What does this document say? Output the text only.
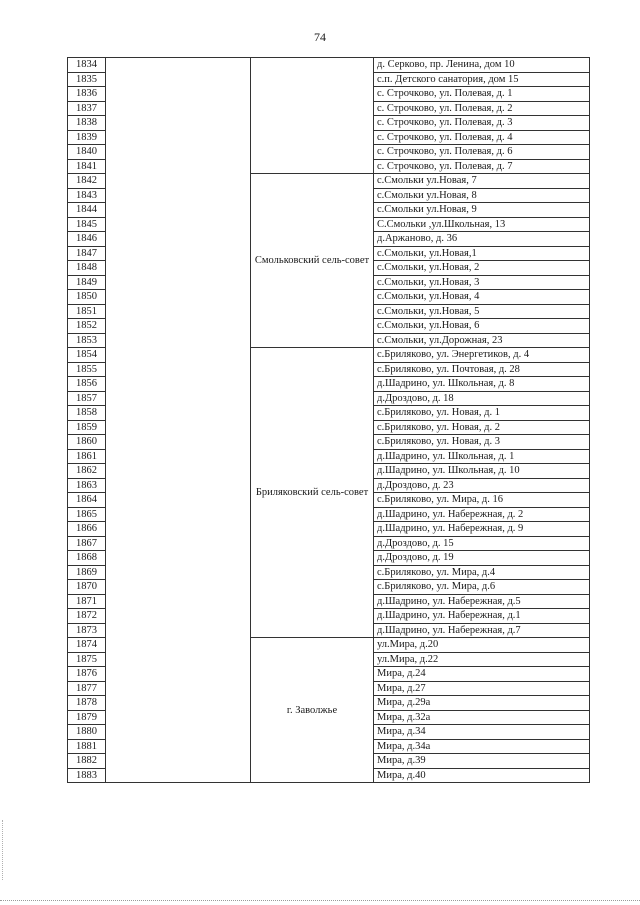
74
1834			д. Серково, пр. Ленина, дом 10
1835			с.п. Детского санатория, дом 15
1836			с. Строчково, ул. Полевая, д. 1
1837			с. Строчково, ул. Полевая, д. 2
1838			с. Строчково, ул. Полевая, д. 3
1839			с. Строчково, ул. Полевая, д. 4
1840			с. Строчково, ул. Полевая, д. 6
1841			с. Строчково, ул. Полевая, д. 7
1842		Смольковский сель-совет	с.Смольки ул.Новая, 7
1843			с.Смольки ул.Новая, 8
1844			с.Смольки ул.Новая, 9
1845			С.Смольки ,ул.Школьная, 13
1846			д.Аржаново, д. 36
1847			с.Смольки, ул.Новая,1
1848			с.Смольки, ул.Новая, 2
1849			с.Смольки, ул.Новая, 3
1850			с.Смольки, ул.Новая, 4
1851			с.Смольки, ул.Новая, 5
1852			с.Смольки, ул.Новая, 6
1853			с.Смольки, ул.Дорожная, 23
1854		Бриляковский сель-совет	с.Бриляково, ул. Энергетиков, д. 4
1855			с.Бриляково, ул. Почтовая, д. 28
1856			д.Шадрино, ул. Школьная, д. 8
1857			д.Дроздово, д. 18
1858			с.Бриляково, ул. Новая, д. 1
1859			с.Бриляково, ул. Новая, д. 2
1860			с.Бриляково, ул. Новая, д. 3
1861			д.Шадрино, ул. Школьная, д. 1
1862			д.Шадрино, ул. Школьная, д. 10
1863			д.Дроздово, д. 23
1864			с.Бриляково, ул. Мира, д. 16
1865			д.Шадрино, ул. Набережная, д. 2
1866			д.Шадрино, ул. Набережная, д. 9
1867			д.Дроздово, д. 15
1868			д.Дроздово, д. 19
1869			с.Бриляково, ул. Мира, д.4
1870			с.Бриляково, ул. Мира, д.6
1871			д.Шадрино, ул. Набережная, д.5
1872			д.Шадрино, ул. Набережная, д.1
1873			д.Шадрино, ул. Набережная, д.7
1874		г. Заволжье	ул.Мира, д.20
1875			ул.Мира, д.22
1876			Мира, д.24
1877			Мира, д.27
1878			Мира, д.29а
1879			Мира, д.32а
1880			Мира, д.34
1881			Мира, д.34а
1882			Мира, д.39
1883			Мира, д.40
